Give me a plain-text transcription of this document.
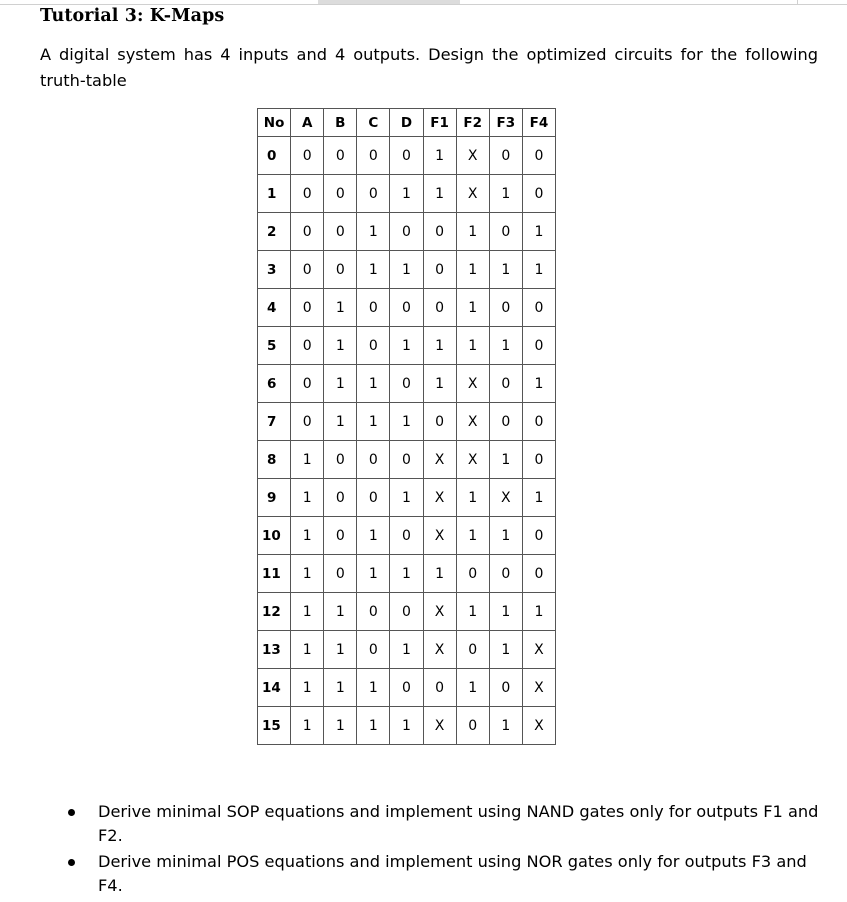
Tutorial 3: K-Maps
A digital system has 4 inputs and 4 outputs. Design the optimized circuits for the following truth-table
No	A	B	C	D	F1	F2	F3	F4
0	0	0	0	0	1	X	0	0
1	0	0	0	1	1	X	1	0
2	0	0	1	0	0	1	0	1
3	0	0	1	1	0	1	1	1
4	0	1	0	0	0	1	0	0
5	0	1	0	1	1	1	1	0
6	0	1	1	0	1	X	0	1
7	0	1	1	1	0	X	0	0
8	1	0	0	0	X	X	1	0
9	1	0	0	1	X	1	X	1
10	1	0	1	0	X	1	1	0
11	1	0	1	1	1	0	0	0
12	1	1	0	0	X	1	1	1
13	1	1	0	1	X	0	1	X
14	1	1	1	0	0	1	0	X
15	1	1	1	1	X	0	1	X
Derive minimal SOP equations and implement using NAND gates only for outputs F1 and F2.
Derive minimal POS equations and implement using NOR gates only for outputs F3 and F4.
